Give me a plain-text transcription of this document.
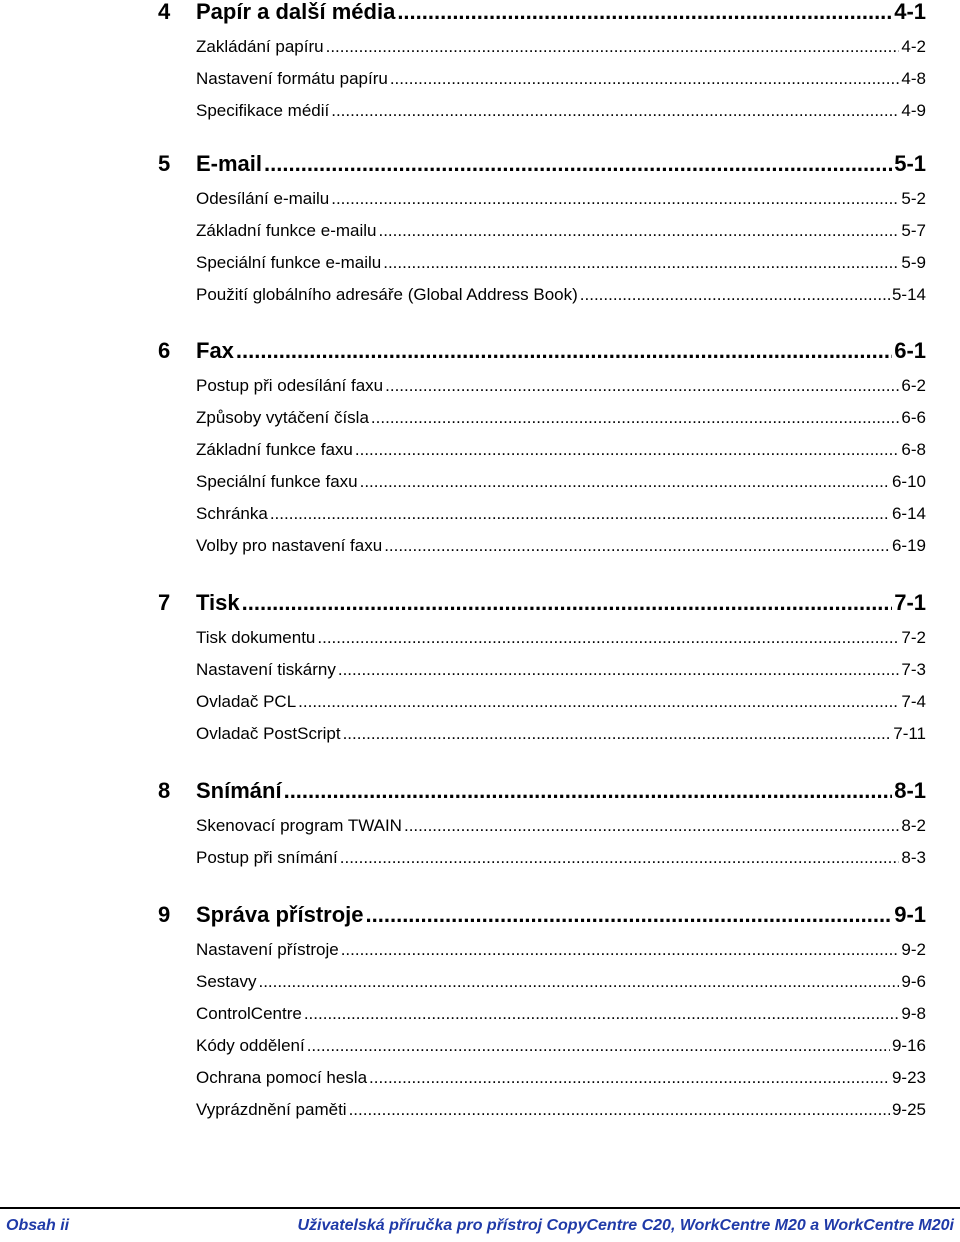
4 Papír a další média .....	4-1
Zakládání papíru .....	4-2
Nastavení formátu papíru .....	4-8
Specifikace médií .....	4-9
5 E-mail .....	5-1
Odesílání e-mailu .....	5-2
Základní funkce e-mailu .....	5-7
Speciální funkce e-mailu .....	5-9
Použití globálního adresáře (Global Address Book) .....	5-14
6 Fax .....	6-1
Postup při odesílání faxu .....	6-2
Způsoby vytáčení čísla .....	6-6
Základní funkce faxu .....	6-8
Speciální funkce faxu .....	6-10
Schránka .....	6-14
Volby pro nastavení faxu .....	6-19
7 Tisk .....	7-1
Tisk dokumentu .....	7-2
Nastavení tiskárny .....	7-3
Ovladač PCL .....	7-4
Ovladač PostScript .....	7-11
8 Snímání .....	8-1
Skenovací program TWAIN .....	8-2
Postup při snímání .....	8-3
9 Správa přístroje .....	9-1
Nastavení přístroje .....	9-2
Sestavy .....	9-6
ControlCentre .....	9-8
Kódy oddělení .....	9-16
Ochrana pomocí hesla .....	9-23
Vyprázdnění paměti .....	9-25
Obsah ii	Uživatelská příručka pro přístroj CopyCentre C20, WorkCentre M20 a WorkCentre M20i
